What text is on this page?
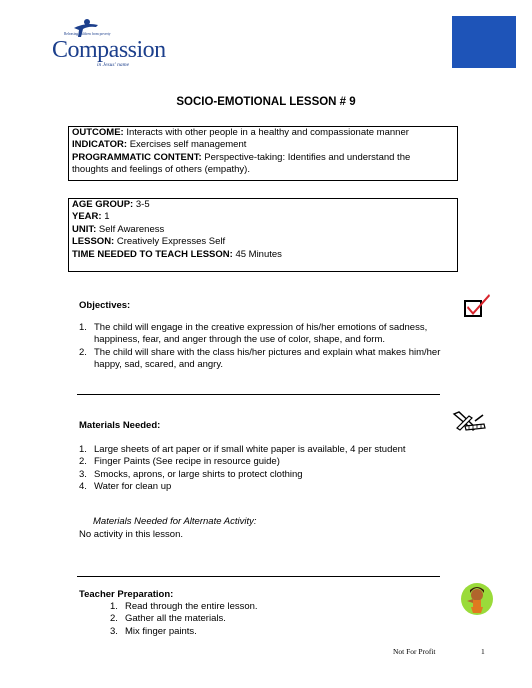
Releasing children from poverty
Compassion
in Jesus' name
SOCIO-EMOTIONAL LESSON # 9
OUTCOME: Interacts with other people in a healthy and compassionate manner
INDICATOR: Exercises self management
PROGRAMMATIC CONTENT: Perspective-taking: Identifies and understand the
thoughts and feelings of others (empathy).
AGE GROUP: 3-5
YEAR: 1
UNIT: Self Awareness
LESSON: Creatively Expresses Self
TIME NEEDED TO TEACH LESSON: 45 Minutes
Objectives:
1. The child will engage in the creative expression of his/her emotions of sadness,
happiness, fear, and anger through the use of color, shape, and form.
2. The child will share with the class his/her pictures and explain what makes him/her
happy, sad, scared, and angry.
Materials Needed:
1. Large sheets of art paper or if small white paper is available, 4 per student
2. Finger Paints (See recipe in resource guide)
3. Smocks, aprons, or large shirts to protect clothing
4. Water for clean up
Materials Needed for Alternate Activity:
No activity in this lesson.
Teacher Preparation:
1. Read through the entire lesson.
2. Gather all the materials.
3. Mix finger paints.
Not For Profit	1
